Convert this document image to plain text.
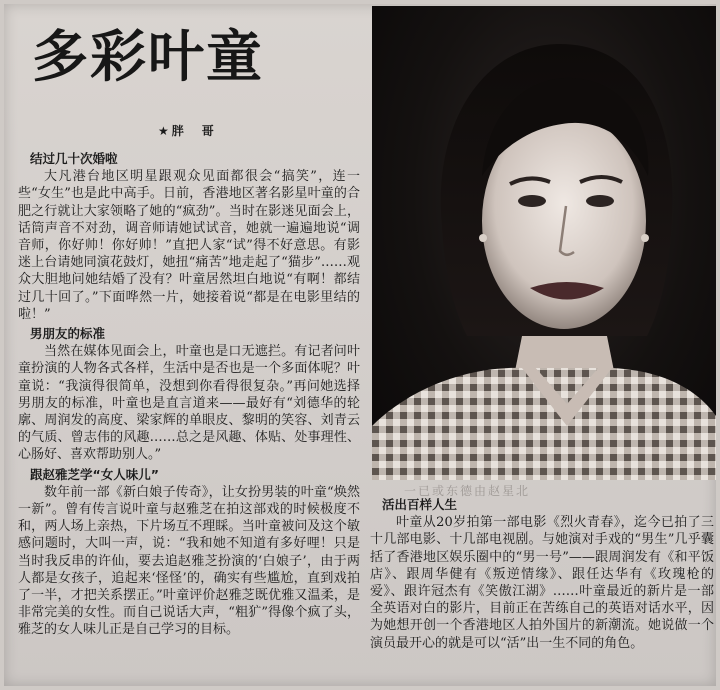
多彩叶童
★胖　哥
一已或东德由赵星北
结过几十次婚啦

大凡港台地区明星跟观众见面都很会“搞笑”，连一些“女生”也是此中高手。日前，香港地区著名影星叶童的合肥之行就让大家领略了她的“疯劲”。当时在影迷见面会上，话筒声音不对劲，调音师请她试试音，她就一遍遍地说“调音师，你好帅！你好帅！”直把人家“试”得不好意思。有影迷上台请她同演花鼓灯，她扭“痛苦”地走起了“猫步”……观众大胆地问她结婚了没有？叶童居然坦白地说“有啊！都结过几十回了。”下面哗然一片，她接着说“都是在电影里结的啦！”

男朋友的标准

当然在媒体见面会上，叶童也是口无遮拦。有记者问叶童扮演的人物各式各样，生活中是否也是一个多面体呢？叶童说：“我演得很简单，没想到你看得很复杂。”再问她选择男朋友的标准，叶童也是直言道来——最好有“刘德华的轮廓、周润发的高度、梁家辉的单眼皮、黎明的笑容、刘青云的气质、曾志伟的风趣……总之是风趣、体贴、处事理性、心肠好、喜欢帮助别人。”

跟赵雅芝学“女人味儿”

数年前一部《新白娘子传奇》，让女扮男装的叶童“焕然一新”。曾有传言说叶童与赵雅芝在拍这部戏的时候极度不和，两人场上亲热，下片场互不理睬。当叶童被问及这个敏感问题时，大叫一声，说：“我和她不知道有多好哩！只是当时我反串的许仙，要去追赵雅芝扮演的‘白娘子’，由于两人都是女孩子，追起来‘怪怪’的，确实有些尴尬，直到戏拍了一半，才把关系摆正。”叶童评价赵雅芝既优雅又温柔，是非常完美的女性。而自己说话大声，“粗犷”得像个疯了头，雅芝的女人味儿正是自己学习的目标。

活出百样人生

叶童从20岁拍第一部电影《烈火青春》，迄今已拍了三十几部电影、十几部电视剧。与她演对手戏的“男生”几乎囊括了香港地区娱乐圈中的“男一号”——跟周润发有《和平饭店》、跟周华健有《叛逆情缘》、跟任达华有《玫瑰枪的爱》、跟许冠杰有《笑傲江湖》……叶童最近的新片是一部全英语对白的影片，目前正在苦练自己的英语对话水平，因为她想开创一个香港地区人拍外国片的新潮流。她说做一个演员最开心的就是可以“活”出一生不同的角色。
